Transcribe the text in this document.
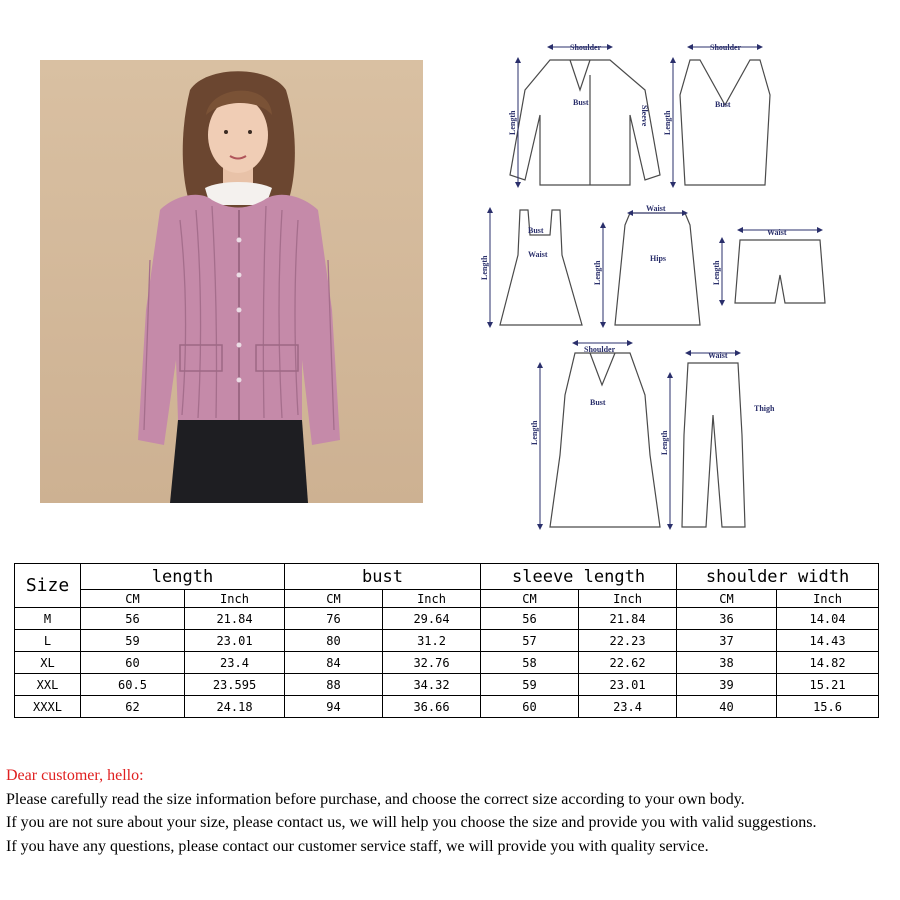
Shoulder
Bust
Sleeve
Length
Shoulder
Bust
Length
Length
Bust
Waist
Waist
Hips
Length
Waist
Length
Shoulder
Bust
Length
Waist
Thigh
Length
Size	length		bust		sleeve length		shoulder width	
	CM	Inch	CM	Inch	CM	Inch	CM	Inch
M	56	21.84	76	29.64	56	21.84	36	14.04
L	59	23.01	80	31.2	57	22.23	37	14.43
XL	60	23.4	84	32.76	58	22.62	38	14.82
XXL	60.5	23.595	88	34.32	59	23.01	39	15.21
XXXL	62	24.18	94	36.66	60	23.4	40	15.6

Dear customer, hello:

Please carefully read the size information before purchase, and choose the correct size according to your own body.

If you are not sure about your size, please contact us, we will help you choose the size and provide you with valid suggestions.

If you have any questions, please contact our customer service staff, we will provide you with quality service.
